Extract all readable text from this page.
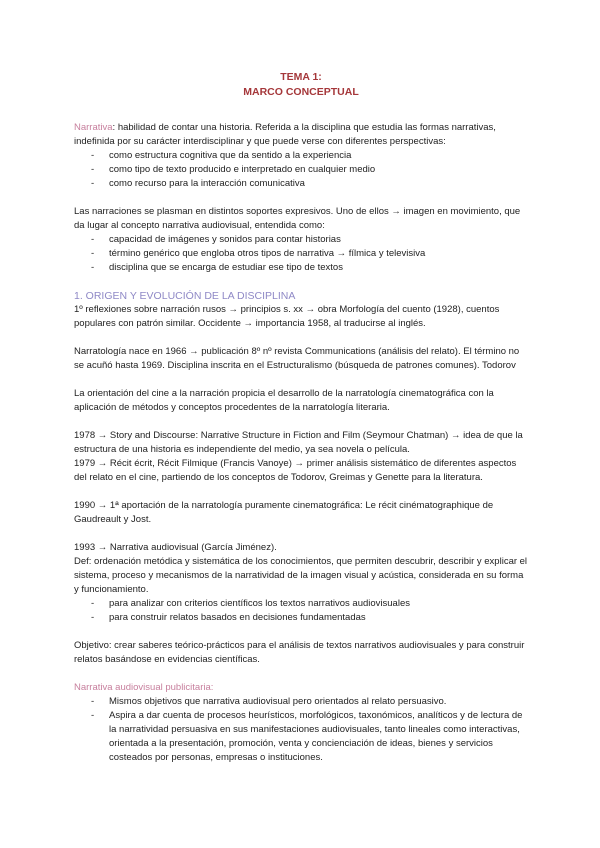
TEMA 1:
MARCO CONCEPTUAL

Narrativa: habilidad de contar una historia. Referida a la disciplina que estudia las formas narrativas, indefinida por su carácter interdisciplinar y que puede verse con diferentes perspectivas:

- como estructura cognitiva que da sentido a la experiencia
- como tipo de texto producido e interpretado en cualquier medio
- como recurso para la interacción comunicativa

Las narraciones se plasman en distintos soportes expresivos. Uno de ellos → imagen en movimiento, que da lugar al concepto narrativa audiovisual, entendida como:

- capacidad de imágenes y sonidos para contar historias
- término genérico que engloba otros tipos de narrativa → fílmica y televisiva
- disciplina que se encarga de estudiar ese tipo de textos

1. ORIGEN Y EVOLUCIÓN DE LA DISCIPLINA

1º reflexiones sobre narración rusos → principios s. xx → obra Morfología del cuento (1928), cuentos populares con patrón similar. Occidente → importancia 1958, al traducirse al inglés.

Narratología nace en 1966 → publicación 8º nº revista Communications (análisis del relato). El término no se acuñó hasta 1969. Disciplina inscrita en el Estructuralismo (búsqueda de patrones comunes). Todorov

La orientación del cine a la narración propicia el desarrollo de la narratología cinematográfica con la aplicación de métodos y conceptos procedentes de la narratología literaria.

1978 → Story and Discourse: Narrative Structure in Fiction and Film (Seymour Chatman) → idea de que la estructura de una historia es independiente del medio, ya sea novela o película.

1979 → Récit écrit, Récit Filmique (Francis Vanoye) → primer análisis sistemático de diferentes aspectos del relato en el cine, partiendo de los conceptos de Todorov, Greimas y Genette para la literatura.

1990 → 1ª aportación de la narratología puramente cinematográfica: Le récit cinématographique de Gaudreault y Jost.

1993 → Narrativa audiovisual (García Jiménez).

Def: ordenación metódica y sistemática de los conocimientos, que permiten descubrir, describir y explicar el sistema, proceso y mecanismos de la narratividad de la imagen visual y acústica, considerada en su forma y funcionamiento.

- para analizar con criterios científicos los textos narrativos audiovisuales
- para construir relatos basados en decisiones fundamentadas

Objetivo: crear saberes teórico-prácticos para el análisis de textos narrativos audiovisuales y para construir relatos basándose en evidencias científicas.

Narrativa audiovisual publicitaria:

- Mismos objetivos que narrativa audiovisual pero orientados al relato persuasivo.
- Aspira a dar cuenta de procesos heurísticos, morfológicos, taxonómicos, analíticos y de lectura de la narratividad persuasiva en sus manifestaciones audiovisuales, tanto lineales como interactivas, orientada a la presentación, promoción, venta y concienciación de ideas, bienes y servicios costeados por personas, empresas o instituciones.
